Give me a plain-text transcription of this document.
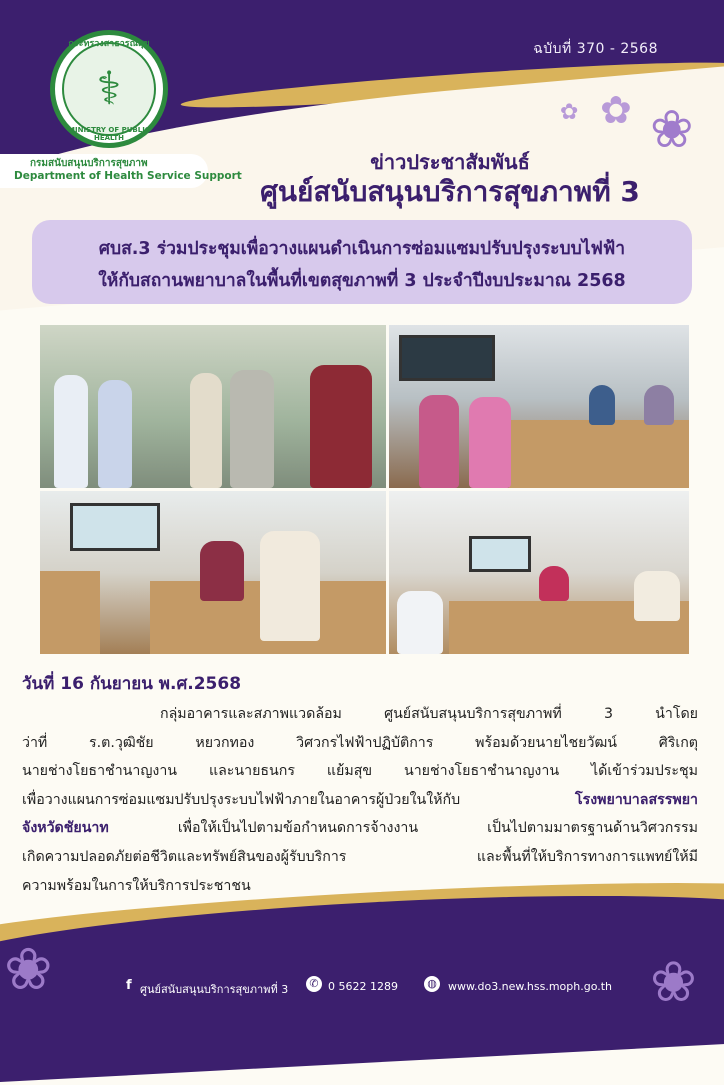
ฉบับที่ 370 - 2568
✿ ❀
✿
⚕
กระทรวงสาธารณสุข
MINISTRY OF PUBLIC HEALTH
กรมสนับสนุนบริการสุขภาพ
Department of Health Service Support
ข่าวประชาสัมพันธ์
ศูนย์สนับสนุนบริการสุขภาพที่ 3
ศบส.3 ร่วมประชุมเพื่อวางแผนดำเนินการซ่อมแซมปรับปรุงระบบไฟฟ้า
ให้กับสถานพยาบาลในพื้นที่เขตสุขภาพที่ 3 ประจำปีงบประมาณ 2568
วันที่ 16 กันยายน พ.ศ.2568
กลุ่มอาคารและสภาพแวดล้อม ศูนย์สนับสนุนบริการสุขภาพที่ 3 นำโดย
ว่าที่ ร.ต.วุฒิชัย หยวกทอง วิศวกรไฟฟ้าปฏิบัติการ พร้อมด้วยนายไชยวัฒน์ ศิริเกตุ
นายช่างโยธาชำนาญงาน และนายธนกร แย้มสุข นายช่างโยธาชำนาญงาน ได้เข้าร่วมประชุม
เพื่อวางแผนการซ่อมแซมปรับปรุงระบบไฟฟ้าภายในอาคารผู้ป่วยในให้กับ	โรงพยาบาลสรรพยา
จังหวัดชัยนาท	เพื่อให้เป็นไปตามข้อกำหนดการจ้างงาน เป็นไปตามมาตรฐานด้านวิศวกรรม
เกิดความปลอดภัยต่อชีวิตและทรัพย์สินของผู้รับบริการ และพื้นที่ให้บริการทางการแพทย์ให้มี
ความพร้อมในการให้บริการประชาชน
❀	❀
f ศูนย์สนับสนุนบริการสุขภาพที่ 3	✆ 0 5622 1289	◍ www.do3.new.hss.moph.go.th
